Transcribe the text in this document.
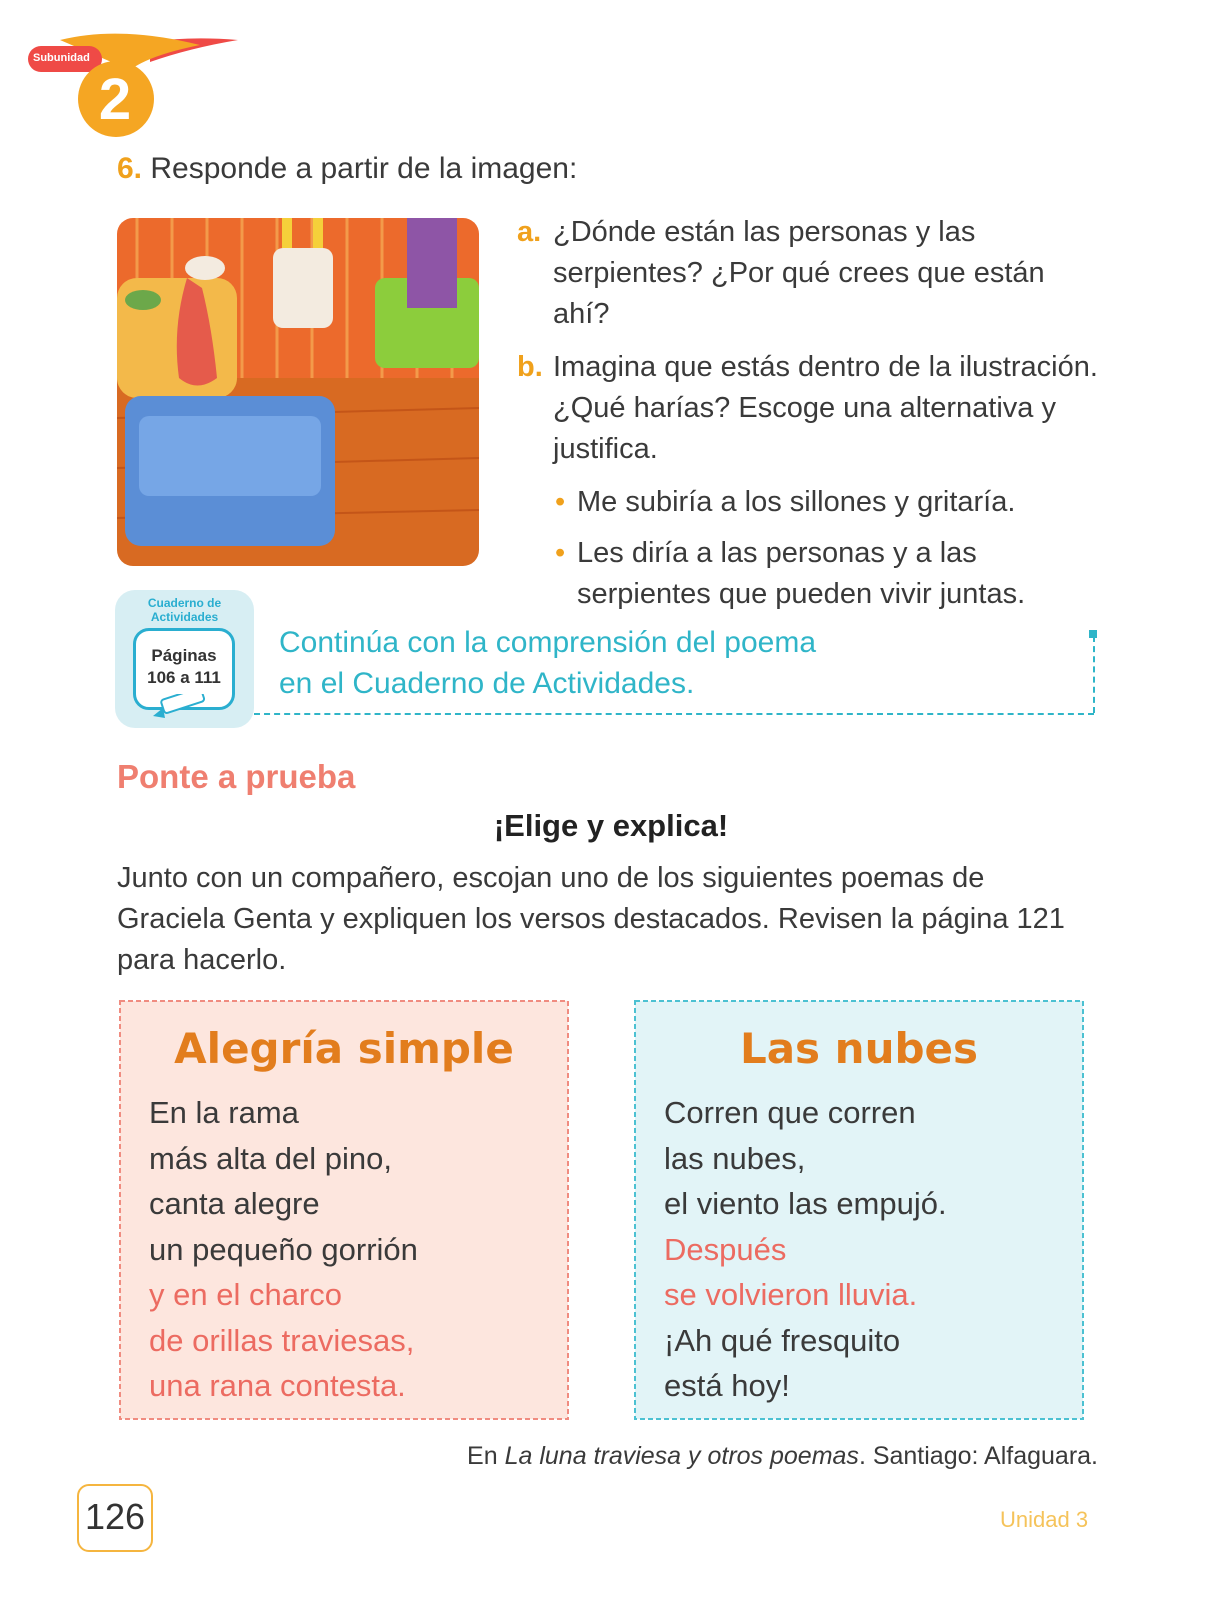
Subunidad
2
6. Responde a partir de la imagen:
a. ¿Dónde están las personas y las serpientes? ¿Por qué crees que están ahí?
b. Imagina que estás dentro de la ilustración. ¿Qué harías? Escoge una alternativa y justifica.
• Me subiría a los sillones y gritaría.
• Les diría a las personas y a las serpientes que pueden vivir juntas.
Cuaderno de Actividades
Páginas
106 a 111
Continúa con la comprensión del poema
en el Cuaderno de Actividades.
Ponte a prueba
¡Elige y explica!
Junto con un compañero, escojan uno de los siguientes poemas de Graciela Genta y expliquen los versos destacados. Revisen la página 121 para hacerlo.
Alegría simple
En la rama
más alta del pino,
canta alegre
un pequeño gorrión
y en el charco
de orillas traviesas,
una rana contesta.
Las nubes
Corren que corren
las nubes,
el viento las empujó.
Después
se volvieron lluvia.
¡Ah qué fresquito
está hoy!
En La luna traviesa y otros poemas. Santiago: Alfaguara.
126	Unidad 3
